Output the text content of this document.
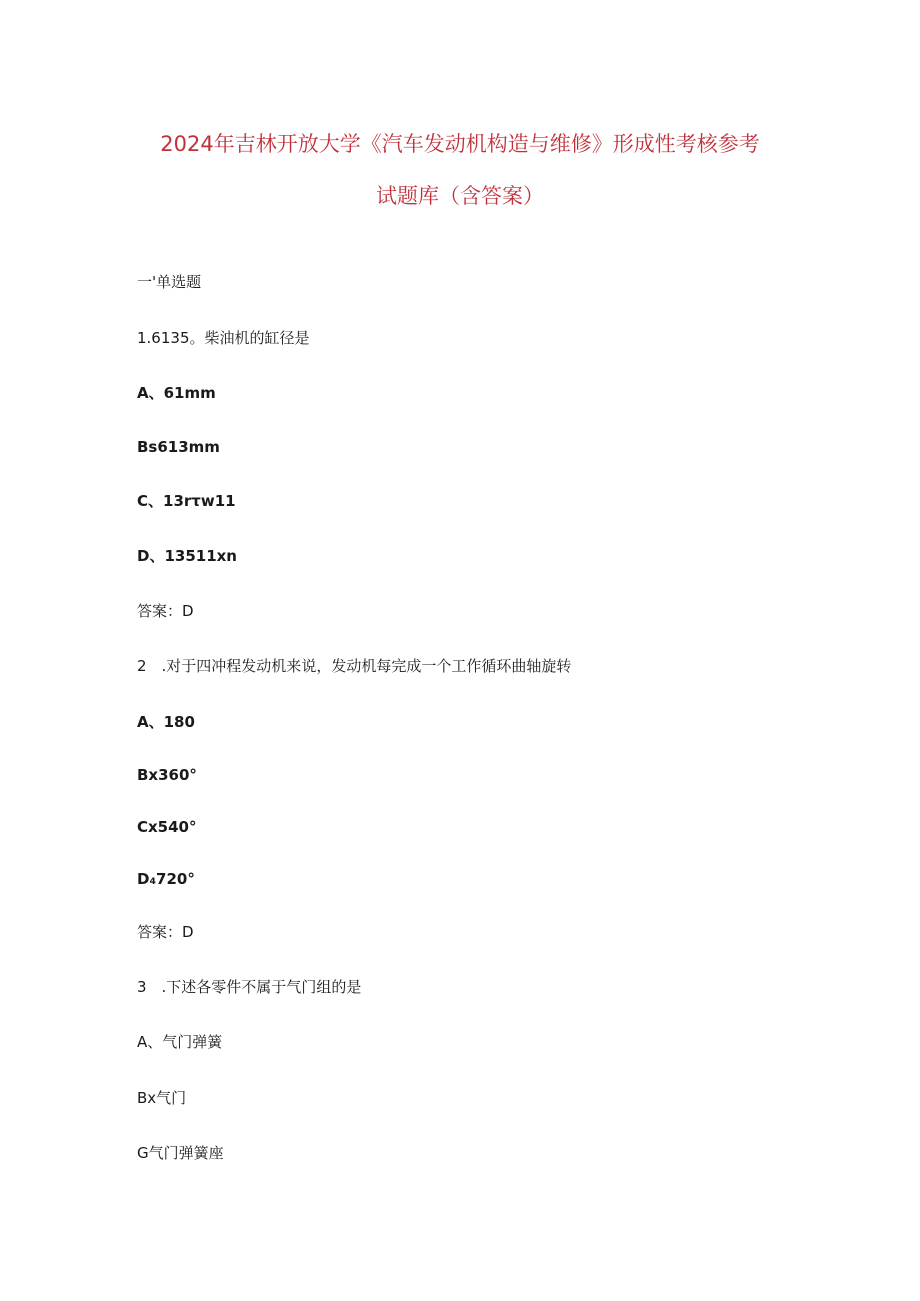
2024年吉林开放大学《汽车发动机构造与维修》形成性考核参考
试题库（含答案）
一'单选题
1.6135。柴油机的缸径是
A、61mm
Bs613mm
C、13rτw11
D、13511xn
答案：D
2　.对于四冲程发动机来说，发动机每完成一个工作循环曲轴旋转
A、180
Bx360°
Cx540°
D₄720°
答案：D
3　.下述各零件不属于气门组的是
A、气门弹簧
Bx气门
G气门弹簧座
